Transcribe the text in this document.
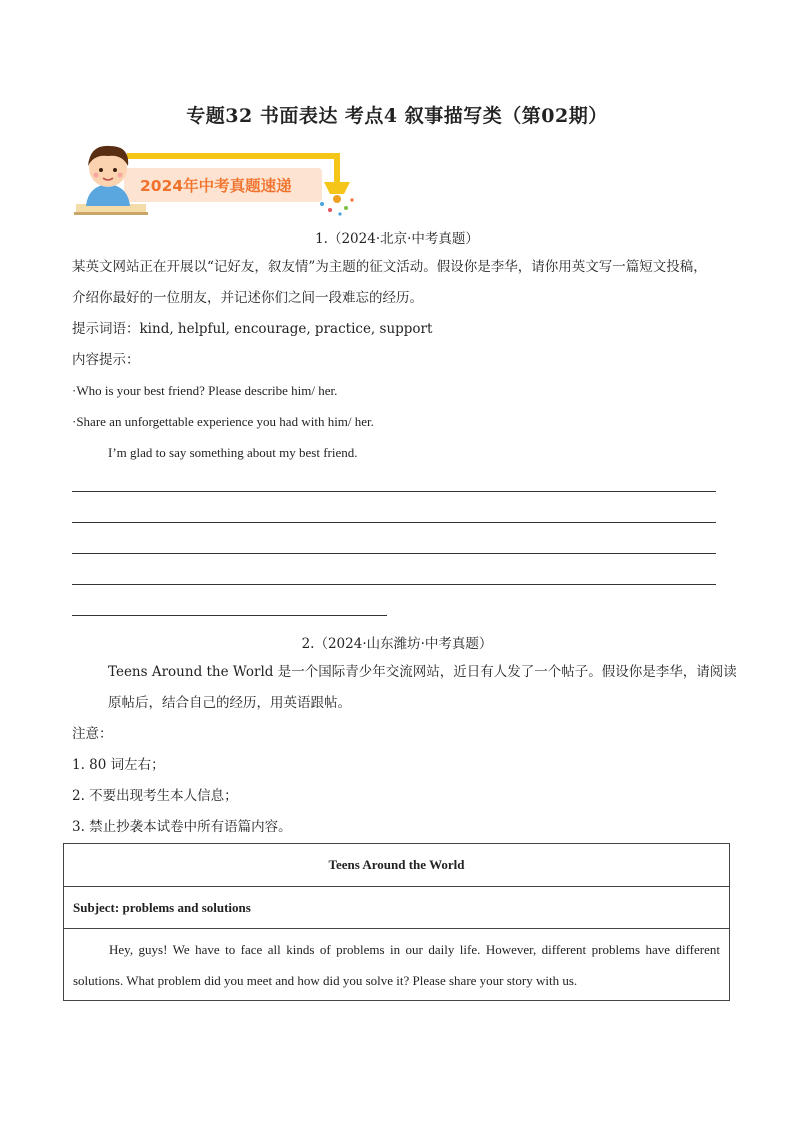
专题32 书面表达 考点4 叙事描写类（第02期）
2024年中考真题速递
1.（2024·北京·中考真题）
某英文网站正在开展以“记好友，叙友情”为主题的征文活动。假设你是李华，请你用英文写一篇短文投稿，
介绍你最好的一位朋友，并记述你们之间一段难忘的经历。
提示词语：kind, helpful, encourage, practice, support
内容提示：
·Who is your best friend? Please describe him/ her.
·Share an unforgettable experience you had with him/ her.
I’m glad to say something about my best friend.
2.（2024·山东潍坊·中考真题）
Teens Around the World 是一个国际青少年交流网站，近日有人发了一个帖子。假设你是李华，请阅读
原帖后，结合自己的经历，用英语跟帖。
注意：
1. 80 词左右；
2. 不要出现考生本人信息；
3. 禁止抄袭本试卷中所有语篇内容。
Teens Around the World
Subject: problems and solutions
Hey, guys! We have to face all kinds of problems in our daily life. However, different problems have different solutions. What problem did you meet and how did you solve it? Please share your story with us.
